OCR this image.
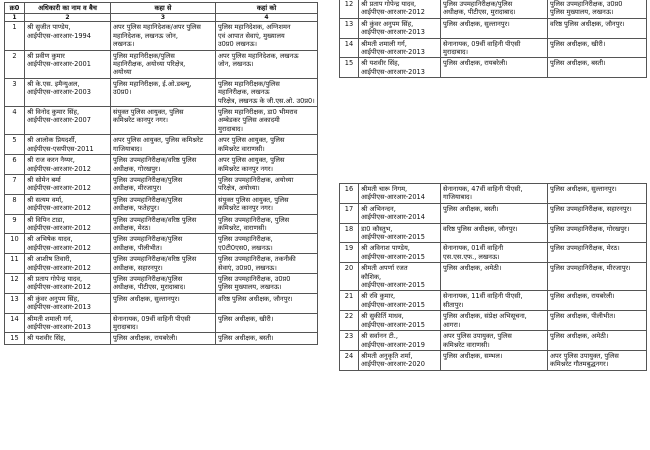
क्र0	अधिकारी का नाम व बैच	कहा से	कहां को
1	2	3	4
1	श्री सुजीत पाण्डेय,
आईपीएस-आरआर-1994	अपर पुलिस महानिदेशक/अपर पुलिस
महानिदेशक, लखनऊ जोन,
लखनऊ।	पुलिस महानिदेशक, अग्निशमन
एवं आपात सेवाएं, मुख्यालय
उ0प्र0 लखनऊ।

2	श्री प्रवीण कुमार
आईपीएस-आरआर-2001	पुलिस महानिरीक्षक/पुलिस
महानिरीक्षक, अयोध्या परिक्षेत्र,
अयोध्या	अपर पुलिस महानिदेशक, लखनऊ
जोन, लखनऊ।

3	श्री के.एस. इमैन्युअल,
आईपीएस-आरआर-2003	पुलिस महानिरीक्षक, ई.ओ.डब्ल्यू,
उ0प्र0।	पुलिस महानिरीक्षक/पुलिस
महानिरीक्षक, लखनऊ
परिक्षेत्र, लखनऊ के जी.एस.ओ. उ0प्र0।

4	श्री विनोद कुमार सिंह,
आईपीएस-आरआर-2007	संयुक्त पुलिस आयुक्त, पुलिस
कमिश्नरेट कानपुर नगर।	पुलिस महानिरीक्षक, डा0 भीमराव
अम्बेडकर पुलिस अकादमी
मुरादाबाद।

5	श्री आलोक प्रियदर्शी,
आईपीएस-एसपीएस-2011	अपर पुलिस आयुक्त, पुलिस कमिश्नरेट
गाजियाबाद।	अपर पुलिस आयुक्त, पुलिस
कमिश्नरेट वाराणसी।

6	श्री राज करन नैय्यर,
आईपीएस-आरआर-2012	पुलिस उपमहानिरीक्षक/वरिष्ठ पुलिस
अधीक्षक, गोरखपुर।	अपर पुलिस आयुक्त, पुलिस
कमिश्नरेट कानपुर नगर।

7	श्री सोमेन बर्मा
आईपीएस-आरआर-2012	पुलिस उपमहानिरीक्षक/पुलिस
अधीक्षक, मीरजापुर।	पुलिस उपमहानिरीक्षक, अयोध्या
परिक्षेत्र, अयोध्या।

8	श्री सत्यम वर्मा,
आईपीएस-आरआर-2012	पुलिस उपमहानिरीक्षक/पुलिस
अधीक्षक, फतेहपुर।	संयुक्त पुलिस आयुक्त, पुलिस
कमिश्नरेट कानपुर नगर।

9	श्री विपिन टाडा,
आईपीएस-आरआर-2012	पुलिस उपमहानिरीक्षक/वरिष्ठ पुलिस
अधीक्षक, मेरठ।	पुलिस उपमहानिरीक्षक, पुलिस
कमिश्नरेट, वाराणसी।

10	श्री अभिषेक यादव,
आईपीएस-आरआर-2012	पुलिस उपमहानिरीक्षक/पुलिस
अधीक्षक, पीलीभीत।	पुलिस उपमहानिरीक्षक,
ए0टी0एस0, लखनऊ।

11	श्री आशीष तिवारी,
आईपीएस-आरआर-2012	पुलिस उपमहानिरीक्षक/वरिष्ठ पुलिस
अधीक्षक, सहारनपुर।	पुलिस उपमहानिरीक्षक, तकनीकी
सेवाएं, उ0प्र0, लखनऊ।

12	श्री प्रताप गोपेन्द्र यादव,
आईपीएस-आरआर-2012	पुलिस उपमहानिरीक्षक/पुलिस
अधीक्षक, पीटीएस, मुरादाबाद।	पुलिस उपमहानिरीक्षक, उ0प्र0
पुलिस मुख्यालय, लखनऊ।

13	श्री कुंवर अनुपम सिंह,
आईपीएस-आरआर-2013	पुलिस अधीक्षक, सुल्तानपुर।	वरिष्ठ पुलिस अधीक्षक, जौनपुर।

14	श्रीमती शमाली गर्ग,
आईपीएस-आरआर-2013	सेनानायक, 09वीं वाहिनी पीएसी
मुरादाबाद।	पुलिस अधीक्षक, खीरी।

15	श्री यशवीर सिंह,	पुलिस अधीक्षक, रायबरेली।	पुलिस अधीक्षक, बस्ती।
12	श्री प्रताप गोपेन्द्र यादव,
आईपीएस-आरआर-2012	पुलिस उपमहानिरीक्षक/पुलिस
अधीक्षक, पीटीएस, मुरादाबाद।	पुलिस उपमहानिरीक्षक, उ0प्र0
पुलिस मुख्यालय, लखनऊ।

13	श्री कुंवर अनुपम सिंह,
आईपीएस-आरआर-2013	पुलिस अधीक्षक, सुल्तानपुर।	वरिष्ठ पुलिस अधीक्षक, जौनपुर।

14	श्रीमती शमाली गर्ग,
आईपीएस-आरआर-2013	सेनानायक, 09वीं वाहिनी पीएसी
मुरादाबाद।	पुलिस अधीक्षक, खीरी।

15	श्री यशवीर सिंह,
आईपीएस-आरआर-2013	पुलिस अधीक्षक, रायबरेली।	पुलिस अधीक्षक, बस्ती।
16	श्रीमती चारू निगम,
आईपीएस-आरआर-2014	सेनानायक, 47वीं वाहिनी पीएसी,
गाजियाबाद।	पुलिस अधीक्षक, सुल्तानपुर।

17	श्री अभिनन्दन,
आईपीएस-आरआर-2014	पुलिस अधीक्षक, बस्ती।	पुलिस उपमहानिरीक्षक, सहारनपुर।

18	डा0 कौस्तुभ,
आईपीएस-आरआर-2015	वरिष्ठ पुलिस अधीक्षक, जौनपुर।	पुलिस उपमहानिरीक्षक, गोरखपुर।

19	श्री अविनाश पाण्डेय,
आईपीएस-आरआर-2015	सेनानायक, 01वीं वाहिनी
एस.एस.एफ., लखनऊ।	पुलिस उपमहानिरीक्षक, मेरठ।

20	श्रीमती अपर्णा रजत
कौशिक,
आईपीएस-आरआर-2015	पुलिस अधीक्षक, अमेठी।	पुलिस उपमहानिरीक्षक, मीरजापुर।

21	श्री रवि कुमार,
आईपीएस-आरआर-2015	सेनानायक, 11वीं वाहिनी पीएसी,
सीतापुर।	पुलिस अधीक्षक, रायबरेली।

22	श्री सुकीर्ति माधव,
आईपीएस-आरआर-2015	पुलिस अधीक्षक, संप्रेक्ष अभिसूचना,
आगरा।	पुलिस अधीक्षक, पीलीभीत।

23	श्री सर्वानन टी.,
आईपीएस-आरआर-2019	अपर पुलिस उपायुक्त, पुलिस
कमिश्नरेट वाराणसी।	पुलिस अधीक्षक, अमेठी।

24	श्रीमती अनुकृति शर्मा,
आईपीएस-आरआर-2020	पुलिस अधीक्षक, सम्भल।	अपर पुलिस उपायुक्त, पुलिस
कमिश्नरेट गौतमबुद्धनगर।
